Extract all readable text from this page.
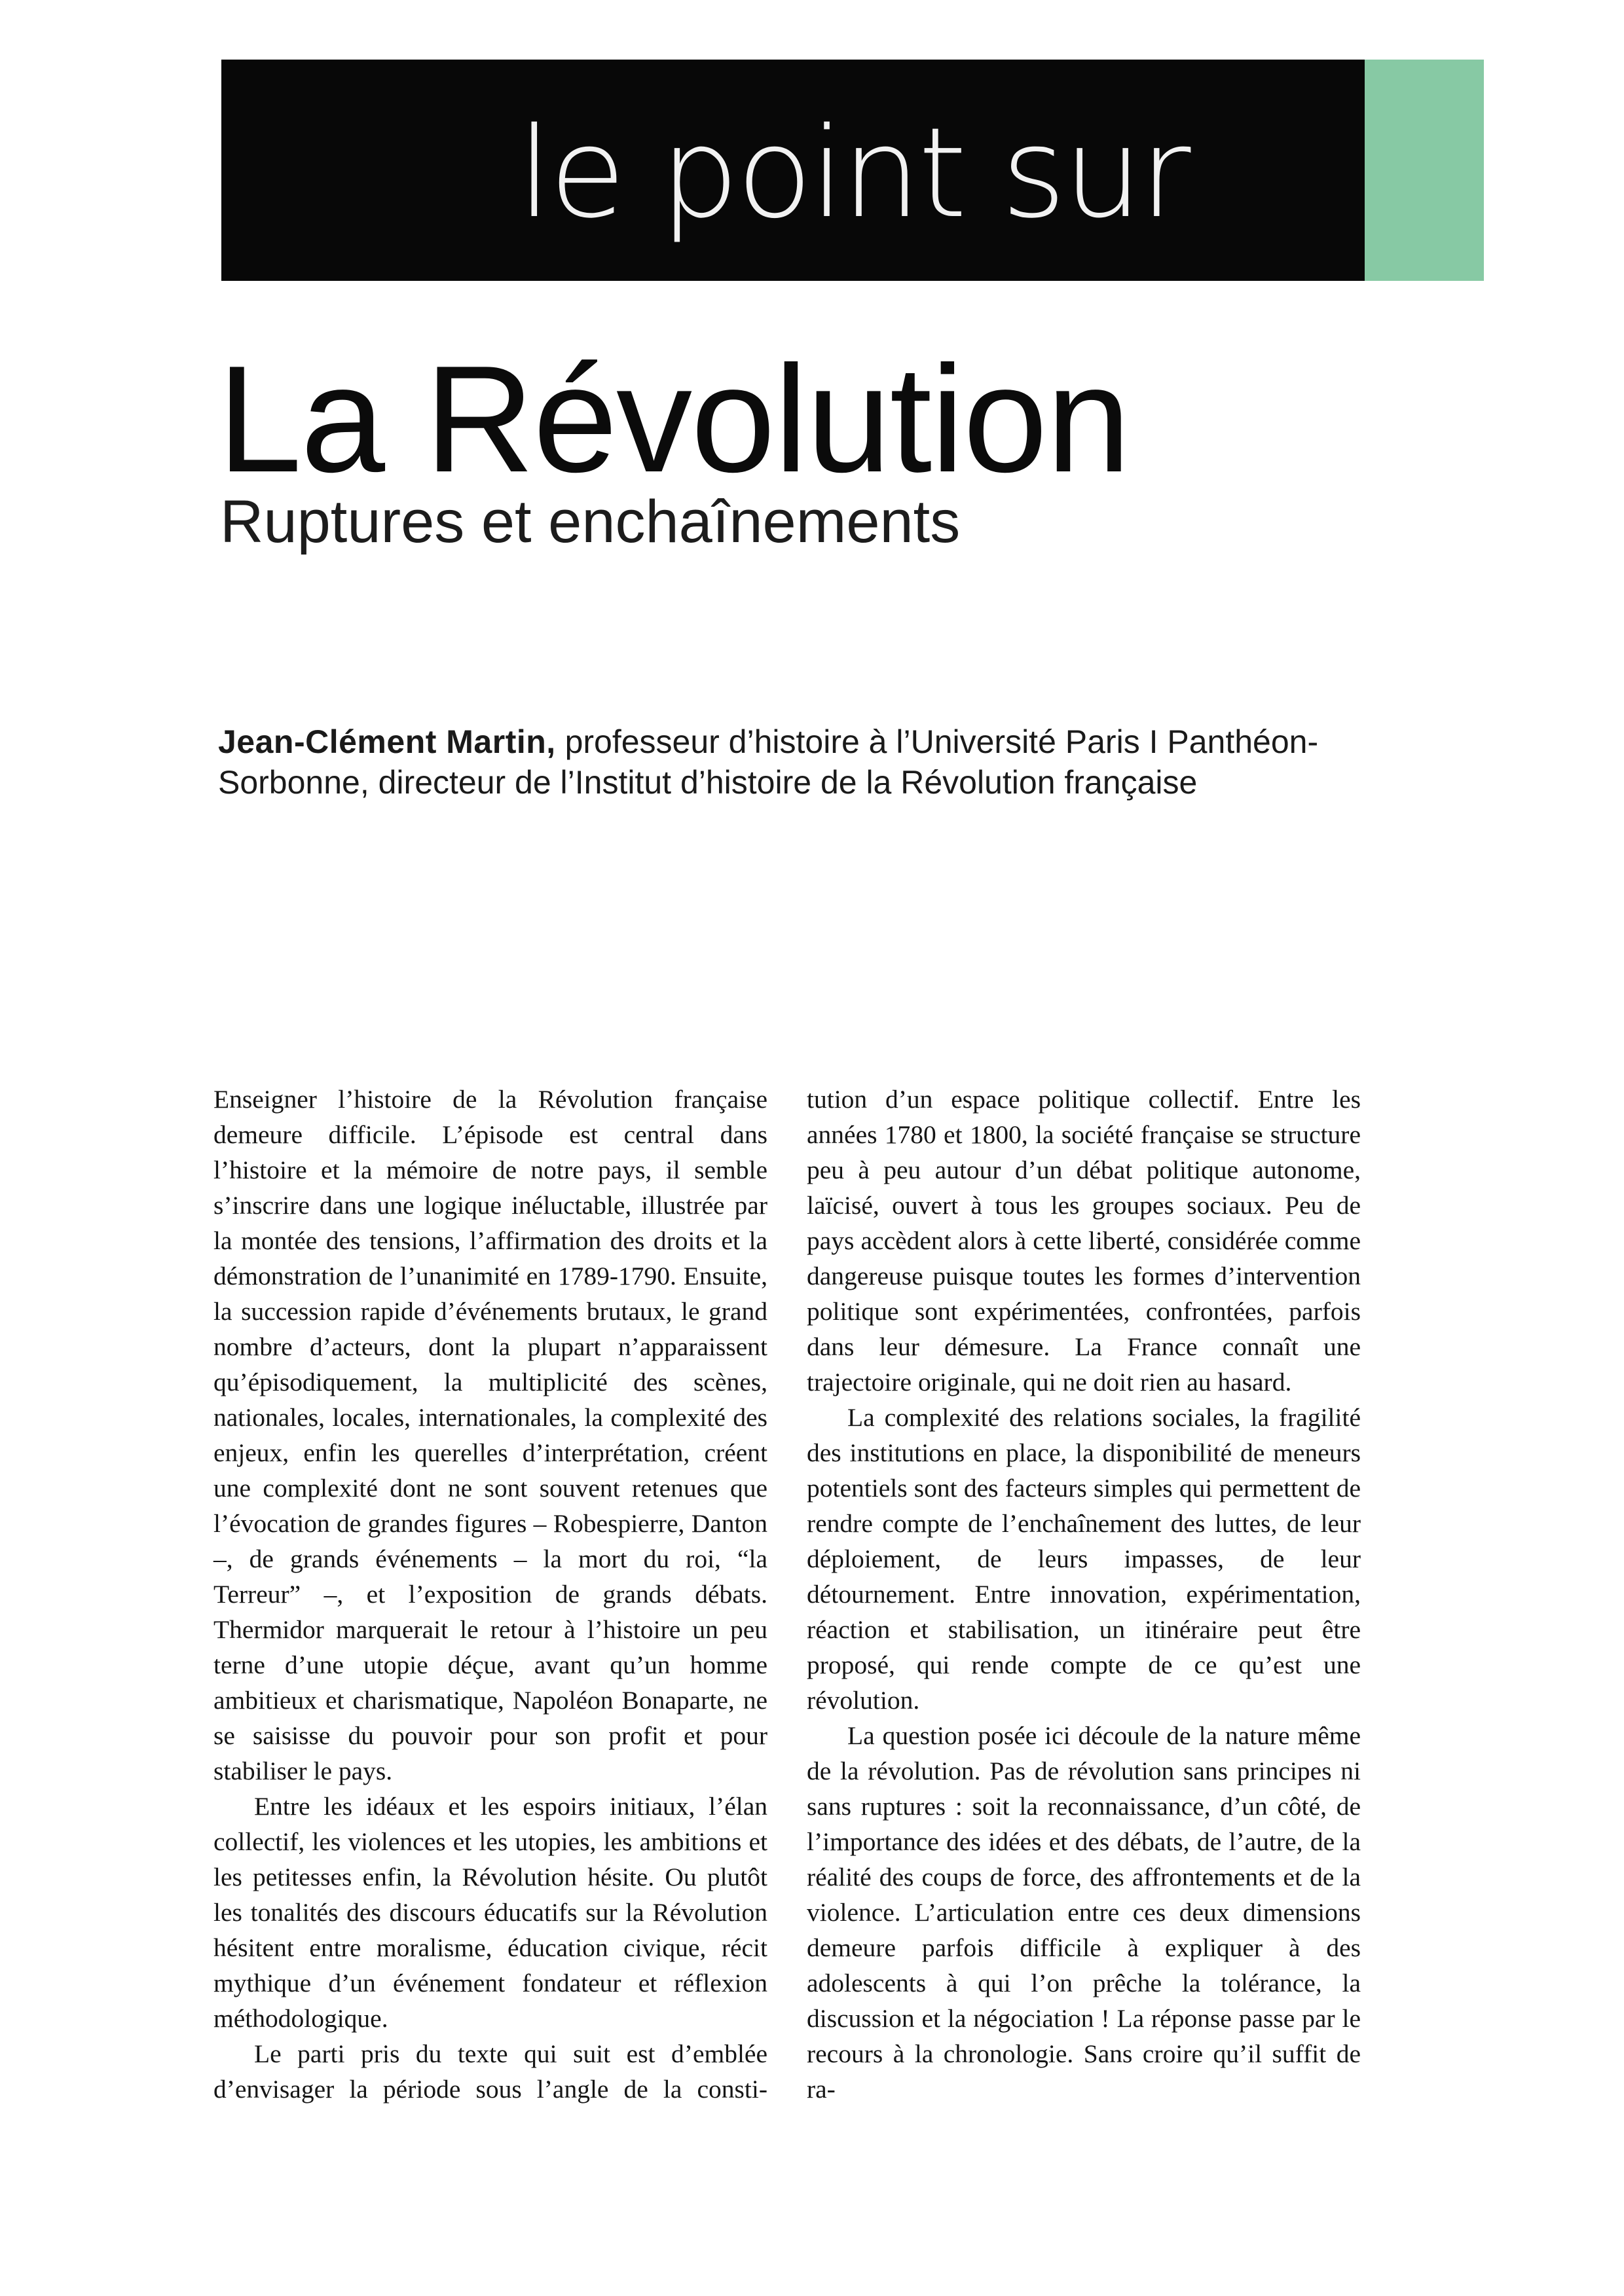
le point sur
La Révolution
Ruptures et enchaînements
Jean-Clément Martin, professeur d’histoire à l’Université Paris I Panthéon-Sorbonne, directeur de l’Institut d’histoire de la Révolution française

Enseigner l’histoire de la Révolution française demeure difficile. L’épisode est central dans l’histoire et la mémoire de notre pays, il semble s’inscrire dans une logique inéluctable, illustrée par la montée des tensions, l’affirmation des droits et la démonstration de l’unanimité en 1789-1790. Ensuite, la succession rapide d’événements brutaux, le grand nombre d’acteurs, dont la plupart n’apparaissent qu’épisodiquement, la multiplicité des scènes, nationales, locales, internationales, la complexité des enjeux, enfin les querelles d’interprétation, créent une complexité dont ne sont souvent retenues que l’évocation de grandes figures – Robespierre, Danton –, de grands événements – la mort du roi, “la Terreur” –, et l’exposition de grands débats. Thermidor marquerait le retour à l’histoire un peu terne d’une utopie déçue, avant qu’un homme ambitieux et charismatique, Napoléon Bonaparte, ne se saisisse du pouvoir pour son profit et pour stabiliser le pays.

Entre les idéaux et les espoirs initiaux, l’élan collectif, les violences et les utopies, les ambitions et les petitesses enfin, la Révolution hésite. Ou plutôt les tonalités des discours éducatifs sur la Révolution hésitent entre moralisme, éducation civique, récit mythique d’un événement fondateur et réflexion méthodologique.

Le parti pris du texte qui suit est d’emblée d’envisager la période sous l’angle de la consti-

tution d’un espace politique collectif. Entre les années 1780 et 1800, la société française se structure peu à peu autour d’un débat politique autonome, laïcisé, ouvert à tous les groupes sociaux. Peu de pays accèdent alors à cette liberté, considérée comme dangereuse puisque toutes les formes d’intervention politique sont expérimentées, confrontées, parfois dans leur démesure. La France connaît une trajectoire originale, qui ne doit rien au hasard.

La complexité des relations sociales, la fragilité des institutions en place, la disponibilité de meneurs potentiels sont des facteurs simples qui permettent de rendre compte de l’enchaînement des luttes, de leur déploiement, de leurs impasses, de leur détournement. Entre innovation, expérimentation, réaction et stabilisation, un itinéraire peut être proposé, qui rende compte de ce qu’est une révolution.

La question posée ici découle de la nature même de la révolution. Pas de révolution sans principes ni sans ruptures : soit la reconnaissance, d’un côté, de l’importance des idées et des débats, de l’autre, de la réalité des coups de force, des affrontements et de la violence. L’articulation entre ces deux dimensions demeure parfois difficile à expliquer à des adolescents à qui l’on prêche la tolérance, la discussion et la négociation ! La réponse passe par le recours à la chronologie. Sans croire qu’il suffit de ra-
